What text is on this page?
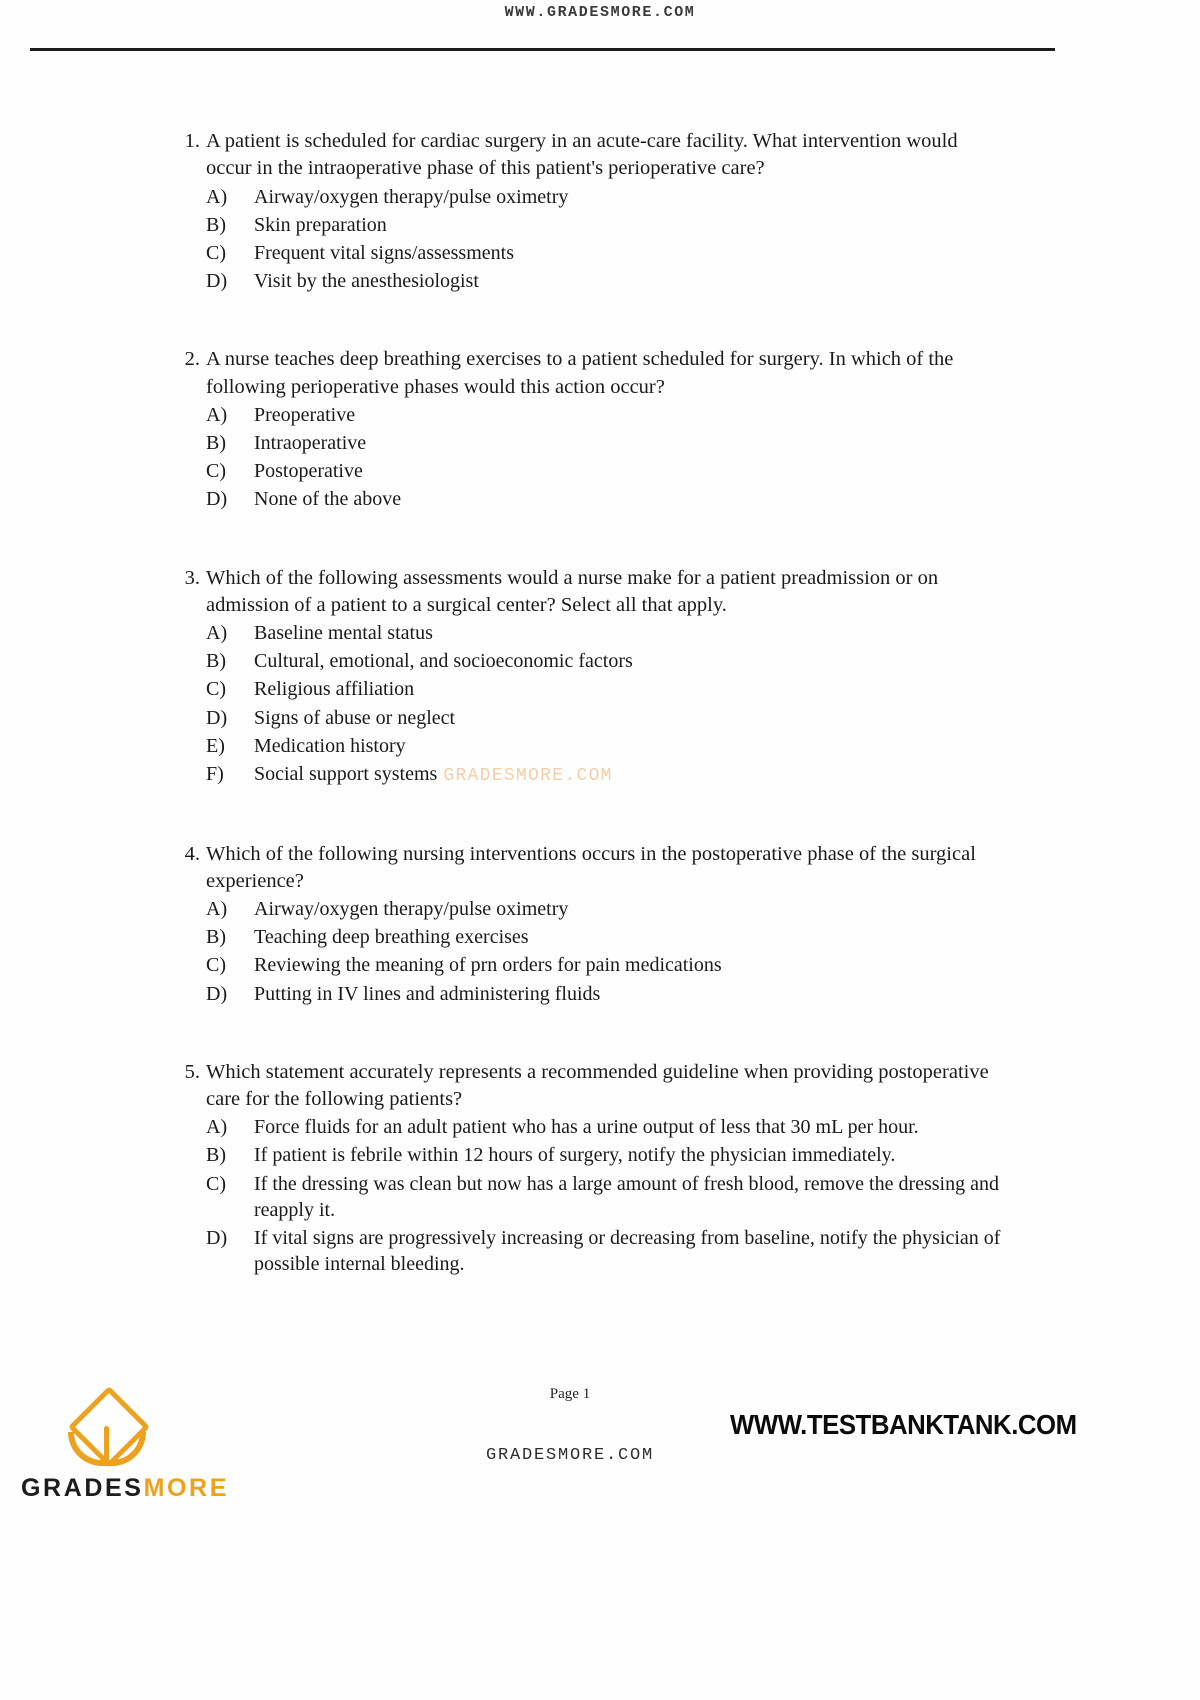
WWW.GRADESMORE.COM
1. A patient is scheduled for cardiac surgery in an acute-care facility. What intervention would occur in the intraoperative phase of this patient's perioperative care?
A)	Airway/oxygen therapy/pulse oximetry
B)	Skin preparation
C)	Frequent vital signs/assessments
D)	Visit by the anesthesiologist
2. A nurse teaches deep breathing exercises to a patient scheduled for surgery. In which of the following perioperative phases would this action occur?
A)	Preoperative
B)	Intraoperative
C)	Postoperative
D)	None of the above
3. Which of the following assessments would a nurse make for a patient preadmission or on admission of a patient to a surgical center? Select all that apply.
A)	Baseline mental status
B)	Cultural, emotional, and socioeconomic factors
C)	Religious affiliation
D)	Signs of abuse or neglect
E)	Medication history
F)	Social support systems GRADESMORE.COM
4. Which of the following nursing interventions occurs in the postoperative phase of the surgical experience?
A)	Airway/oxygen therapy/pulse oximetry
B)	Teaching deep breathing exercises
C)	Reviewing the meaning of prn orders for pain medications
D)	Putting in IV lines and administering fluids
5. Which statement accurately represents a recommended guideline when providing postoperative care for the following patients?
A)	Force fluids for an adult patient who has a urine output of less that 30 mL per hour.
B)	If patient is febrile within 12 hours of surgery, notify the physician immediately.
C)	If the dressing was clean but now has a large amount of fresh blood, remove the dressing and reapply it.
D)	If vital signs are progressively increasing or decreasing from baseline, notify the physician of possible internal bleeding.
Page 1
GRADESMORE.COM
GRADESMORE
WWW.TESTBANKTANK.COM
